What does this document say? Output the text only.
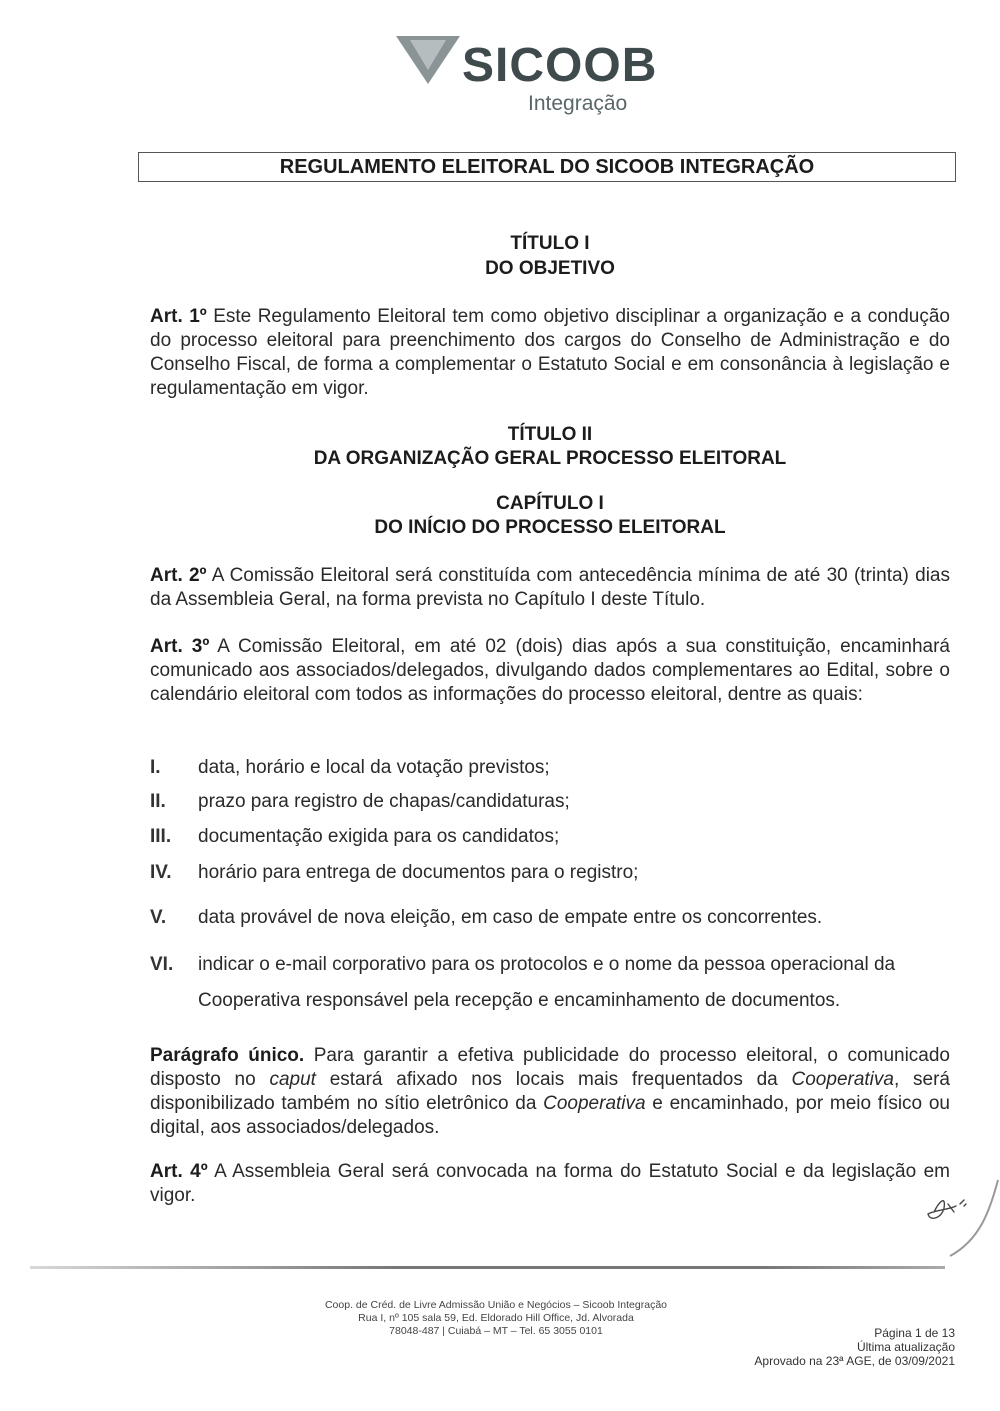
SICOOB
Integração
REGULAMENTO ELEITORAL DO SICOOB INTEGRAÇÃO
TÍTULO I
DO OBJETIVO
Art. 1º Este Regulamento Eleitoral tem como objetivo disciplinar a organização e a condução do processo eleitoral para preenchimento dos cargos do Conselho de Administração e do Conselho Fiscal, de forma a complementar o Estatuto Social e em consonância à legislação e regulamentação em vigor.
TÍTULO II
DA ORGANIZAÇÃO GERAL PROCESSO ELEITORAL
CAPÍTULO I
DO INÍCIO DO PROCESSO ELEITORAL
Art. 2º A Comissão Eleitoral será constituída com antecedência mínima de até 30 (trinta) dias da Assembleia Geral, na forma prevista no Capítulo I deste Título.
Art. 3º A Comissão Eleitoral, em até 02 (dois) dias após a sua constituição, encaminhará comunicado aos associados/delegados, divulgando dados complementares ao Edital, sobre o calendário eleitoral com todos as informações do processo eleitoral, dentre as quais:
I.	data, horário e local da votação previstos;
II.	prazo para registro de chapas/candidaturas;
III.	documentação exigida para os candidatos;
IV.	horário para entrega de documentos para o registro;
V.	data provável de nova eleição, em caso de empate entre os concorrentes.
VI.	indicar o e-mail corporativo para os protocolos e o nome da pessoa operacional da Cooperativa responsável pela recepção e encaminhamento de documentos.
Parágrafo único. Para garantir a efetiva publicidade do processo eleitoral, o comunicado disposto no caput estará afixado nos locais mais frequentados da Cooperativa, será disponibilizado também no sítio eletrônico da Cooperativa e encaminhado, por meio físico ou digital, aos associados/delegados.
Art. 4º A Assembleia Geral será convocada na forma do Estatuto Social e da legislação em vigor.
Coop. de Créd. de Livre Admissão União e Negócios – Sicoob Integração
Rua I, nº 105 sala 59, Ed. Eldorado Hill Office, Jd. Alvorada
78048-487 | Cuiabá – MT – Tel. 65 3055 0101	Página 1 de 13
Última atualização
Aprovado na 23ª AGE, de 03/09/2021
